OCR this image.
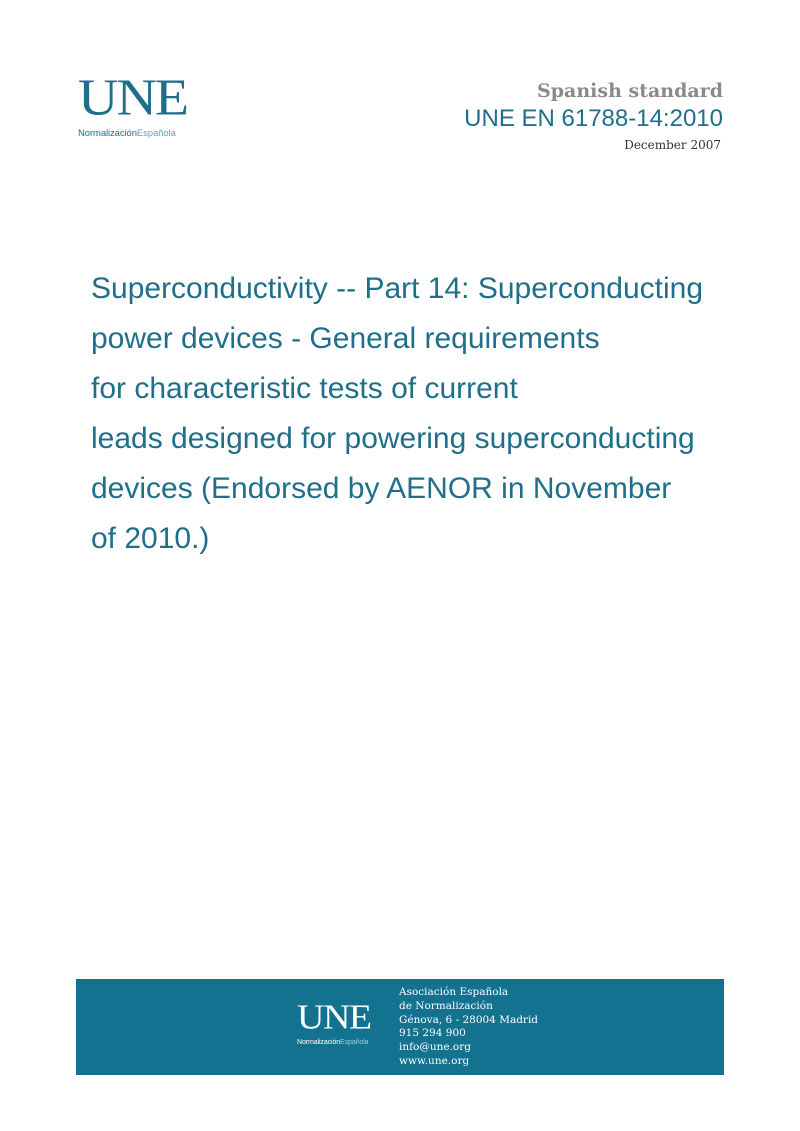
UNE
NormalizaciónEspañola
Spanish standard
UNE EN 61788-14:2010
December 2007
Superconductivity -- Part 14: Superconducting
power devices - General requirements
for characteristic tests of current
leads designed for powering superconducting
devices (Endorsed by AENOR in November
of 2010.)
UNE
NormalizaciónEspañola
Asociación Española
de Normalización
Génova, 6 - 28004 Madrid
915 294 900
info@une.org
www.une.org
